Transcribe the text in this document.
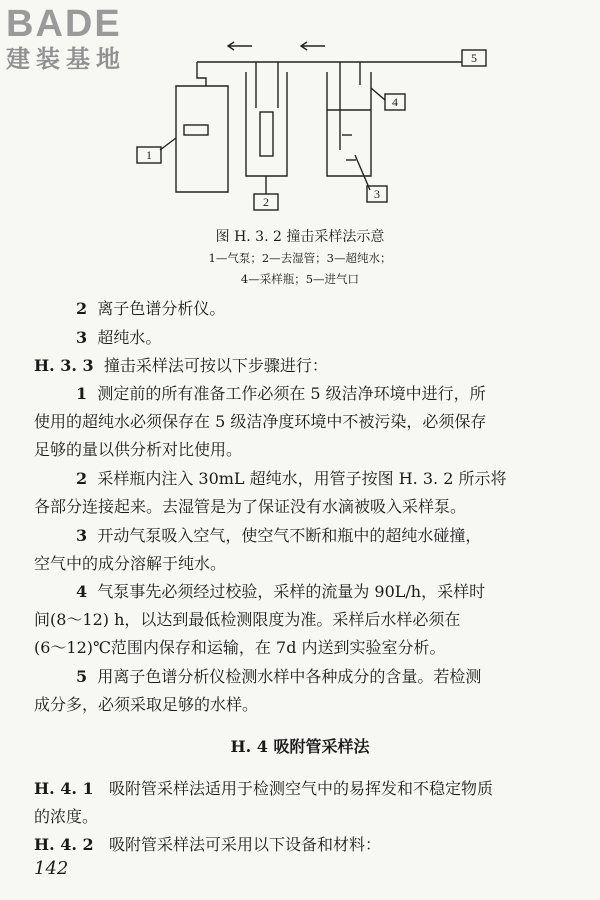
BADE
建装基地	5
1
2
4
3
图 H. 3. 2 撞击采样法示意
1—气泵；2—去湿管；3—超纯水；
4—采样瓶；5—进气口
2 离子色谱分析仪。
3 超纯水。
H. 3. 3 撞击采样法可按以下步骤进行：
1 测定前的所有准备工作必须在 5 级洁净环境中进行，所
使用的超纯水必须保存在 5 级洁净度环境中不被污染，必须保存
足够的量以供分析对比使用。
2 采样瓶内注入 30mL 超纯水，用管子按图 H. 3. 2 所示将
各部分连接起来。去湿管是为了保证没有水滴被吸入采样泵。
3 开动气泵吸入空气，使空气不断和瓶中的超纯水碰撞，
空气中的成分溶解于纯水。
4 气泵事先必须经过校验，采样的流量为 90L/h，采样时
间(8～12) h，以达到最低检测限度为准。采样后水样必须在
(6～12)℃范围内保存和运输，在 7d 内送到实验室分析。
5 用离子色谱分析仪检测水样中各种成分的含量。若检测
成分多，必须采取足够的水样。
H. 4 吸附管采样法
H. 4. 1 吸附管采样法适用于检测空气中的易挥发和不稳定物质
的浓度。
H. 4. 2 吸附管采样法可采用以下设备和材料：
142
